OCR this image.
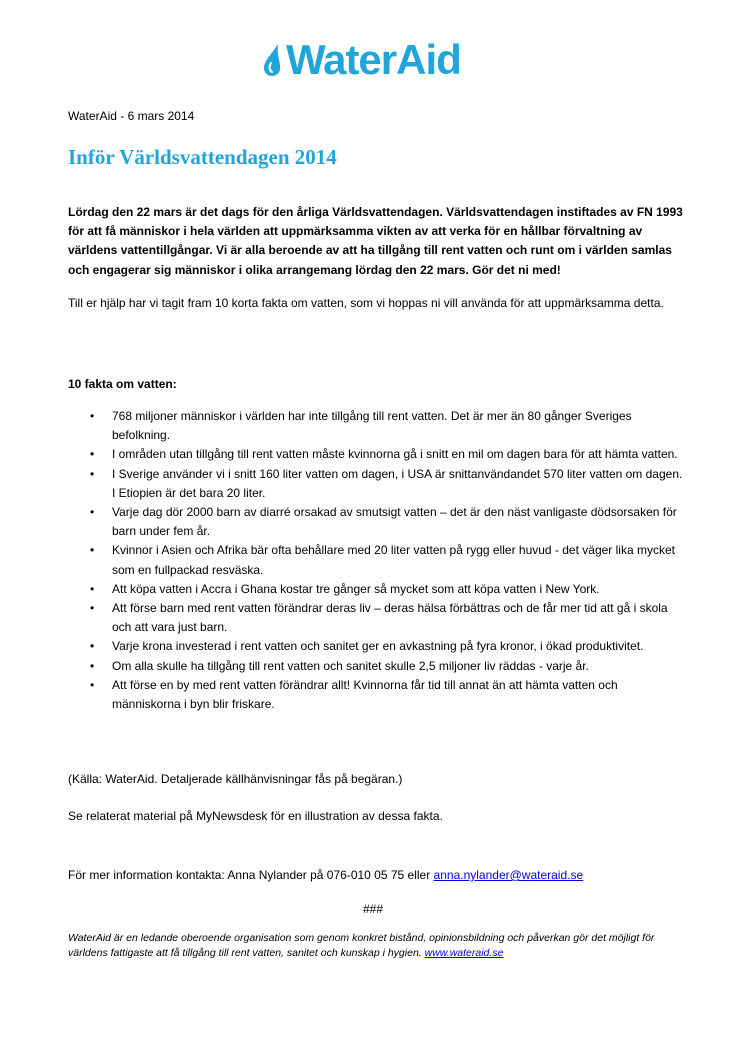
WaterAid
WaterAid - 6 mars 2014
Inför Världsvattendagen 2014

Lördag den 22 mars är det dags för den årliga Världsvattendagen. Världsvattendagen instiftades av FN 1993 för att få människor i hela världen att uppmärksamma vikten av att verka för en hållbar förvaltning av världens vattentillgångar. Vi är alla beroende av att ha tillgång till rent vatten och runt om i världen samlas och engagerar sig människor i olika arrangemang lördag den 22 mars. Gör det ni med!

Till er hjälp har vi tagit fram 10 korta fakta om vatten, som vi hoppas ni vill använda för att uppmärksamma detta.

10 fakta om vatten:

• 768 miljoner människor i världen har inte tillgång till rent vatten. Det är mer än 80 gånger Sveriges befolkning.
• I områden utan tillgång till rent vatten måste kvinnorna gå i snitt en mil om dagen bara för att hämta vatten.
• I Sverige använder vi i snitt 160 liter vatten om dagen, i USA är snittanvändandet 570 liter vatten om dagen. I Etiopien är det bara 20 liter.
• Varje dag dör 2000 barn av diarré orsakad av smutsigt vatten – det är den näst vanligaste dödsorsaken för barn under fem år.
• Kvinnor i Asien och Afrika bär ofta behållare med 20 liter vatten på rygg eller huvud - det väger lika mycket som en fullpackad resväska.
• Att köpa vatten i Accra i Ghana kostar tre gånger så mycket som att köpa vatten i New York.
• Att förse barn med rent vatten förändrar deras liv – deras hälsa förbättras och de får mer tid att gå i skola och att vara just barn.
• Varje krona investerad i rent vatten och sanitet ger en avkastning på fyra kronor, i ökad produktivitet.
• Om alla skulle ha tillgång till rent vatten och sanitet skulle 2,5 miljoner liv räddas - varje år.
• Att förse en by med rent vatten förändrar allt! Kvinnorna får tid till annat än att hämta vatten och människorna i byn blir friskare.

(Källa: WaterAid. Detaljerade källhänvisningar fås på begäran.)

Se relaterat material på MyNewsdesk för en illustration av dessa fakta.

För mer information kontakta: Anna Nylander på 076-010 05 75 eller anna.nylander@wateraid.se

###

WaterAid är en ledande oberoende organisation som genom konkret bistånd, opinionsbildning och påverkan gör det möjligt för världens fattigaste att få tillgång till rent vatten, sanitet och kunskap i hygien. www.wateraid.se
